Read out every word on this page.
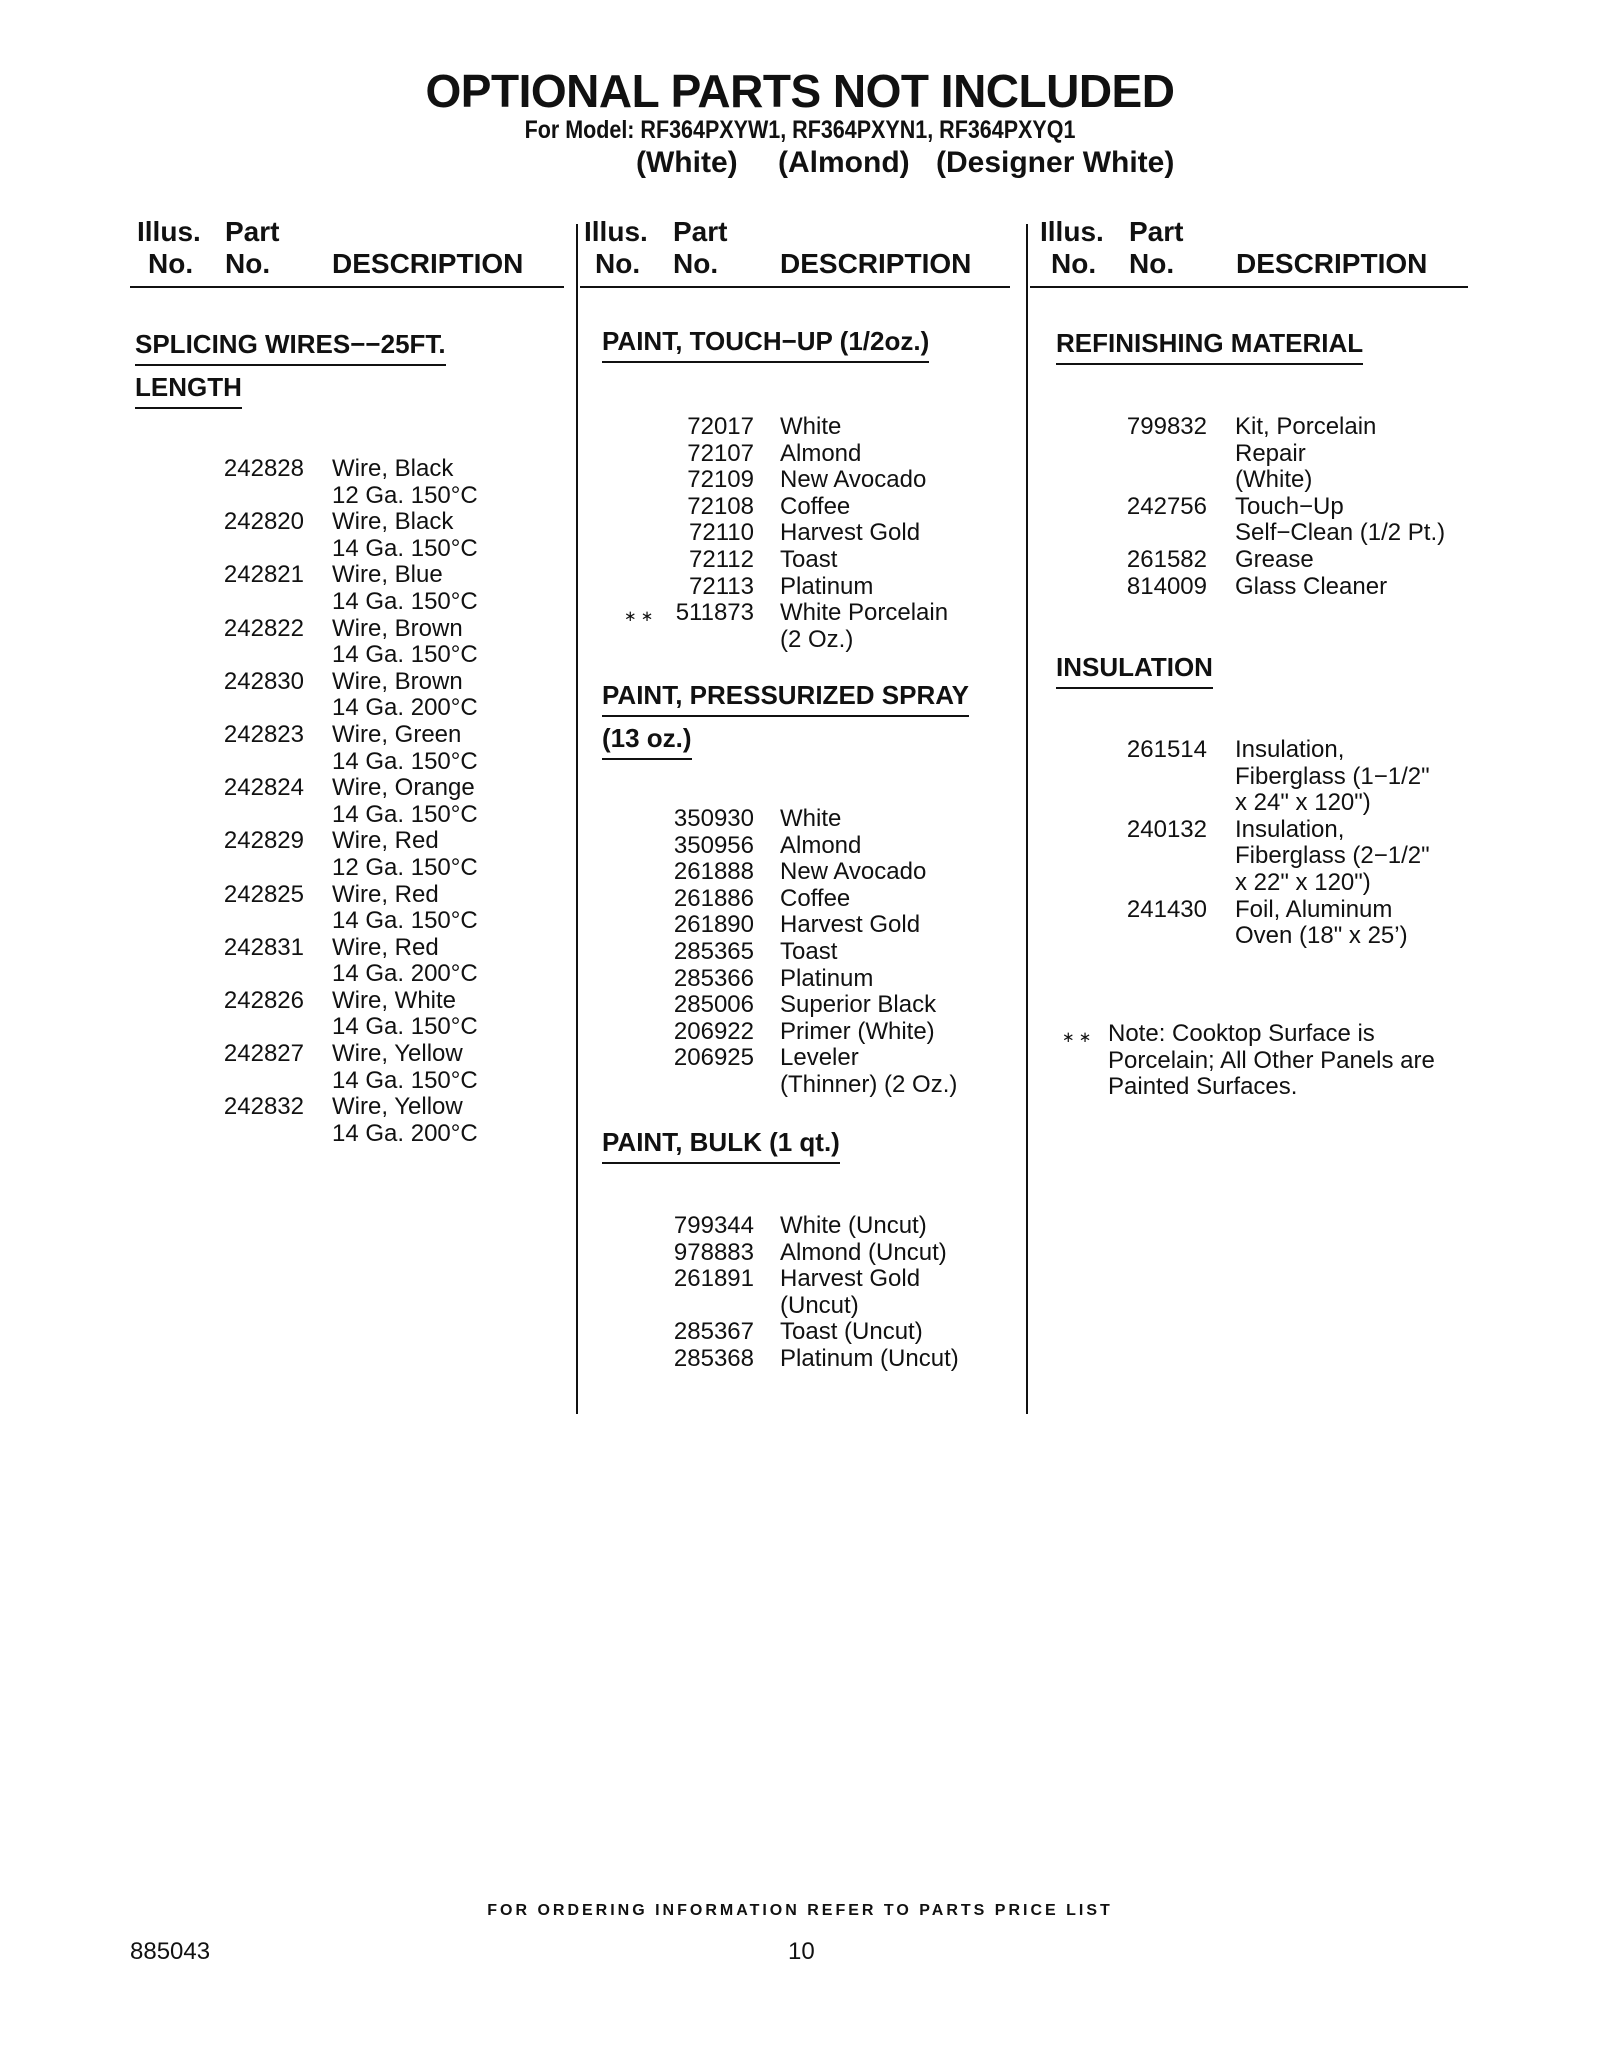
OPTIONAL PARTS NOT INCLUDED
For Model: RF364PXYW1, RF364PXYN1, RF364PXYQ1
(White) (Almond) (Designer White)
Illus. Part
No. No. DESCRIPTION
Illus. Part
No. No. DESCRIPTION
Illus. Part
No. No. DESCRIPTION
SPLICING WIRES−−25FT.
LENGTH
242828 Wire, Black
12 Ga. 150°C
242820 Wire, Black
14 Ga. 150°C
242821 Wire, Blue
14 Ga. 150°C
242822 Wire, Brown
14 Ga. 150°C
242830 Wire, Brown
14 Ga. 200°C
242823 Wire, Green
14 Ga. 150°C
242824 Wire, Orange
14 Ga. 150°C
242829 Wire, Red
12 Ga. 150°C
242825 Wire, Red
14 Ga. 150°C
242831 Wire, Red
14 Ga. 200°C
242826 Wire, White
14 Ga. 150°C
242827 Wire, Yellow
14 Ga. 150°C
242832 Wire, Yellow
14 Ga. 200°C
PAINT, TOUCH−UP (1/2oz.)
72017 White
72107 Almond
72109 New Avocado
72108 Coffee
72110 Harvest Gold
72112 Toast
72113 Platinum
∗ ∗ 511873 White Porcelain
(2 Oz.)
PAINT, PRESSURIZED SPRAY
(13 oz.)
350930 White
350956 Almond
261888 New Avocado
261886 Coffee
261890 Harvest Gold
285365 Toast
285366 Platinum
285006 Superior Black
206922 Primer (White)
206925 Leveler
(Thinner) (2 Oz.)
PAINT, BULK (1 qt.)
799344 White (Uncut)
978883 Almond (Uncut)
261891 Harvest Gold
(Uncut)
285367 Toast (Uncut)
285368 Platinum (Uncut)
REFINISHING MATERIAL
799832 Kit, Porcelain
Repair
(White)
242756 Touch−Up
Self−Clean (1/2 Pt.)
261582 Grease
814009 Glass Cleaner
INSULATION
261514 Insulation,
Fiberglass (1−1/2"
x 24" x 120")
240132 Insulation,
Fiberglass (2−1/2"
x 22" x 120")
241430 Foil, Aluminum
Oven (18" x 25’)
∗ ∗ Note: Cooktop Surface is
Porcelain; All Other Panels are
Painted Surfaces.
FOR ORDERING INFORMATION REFER TO PARTS PRICE LIST
885043	10
